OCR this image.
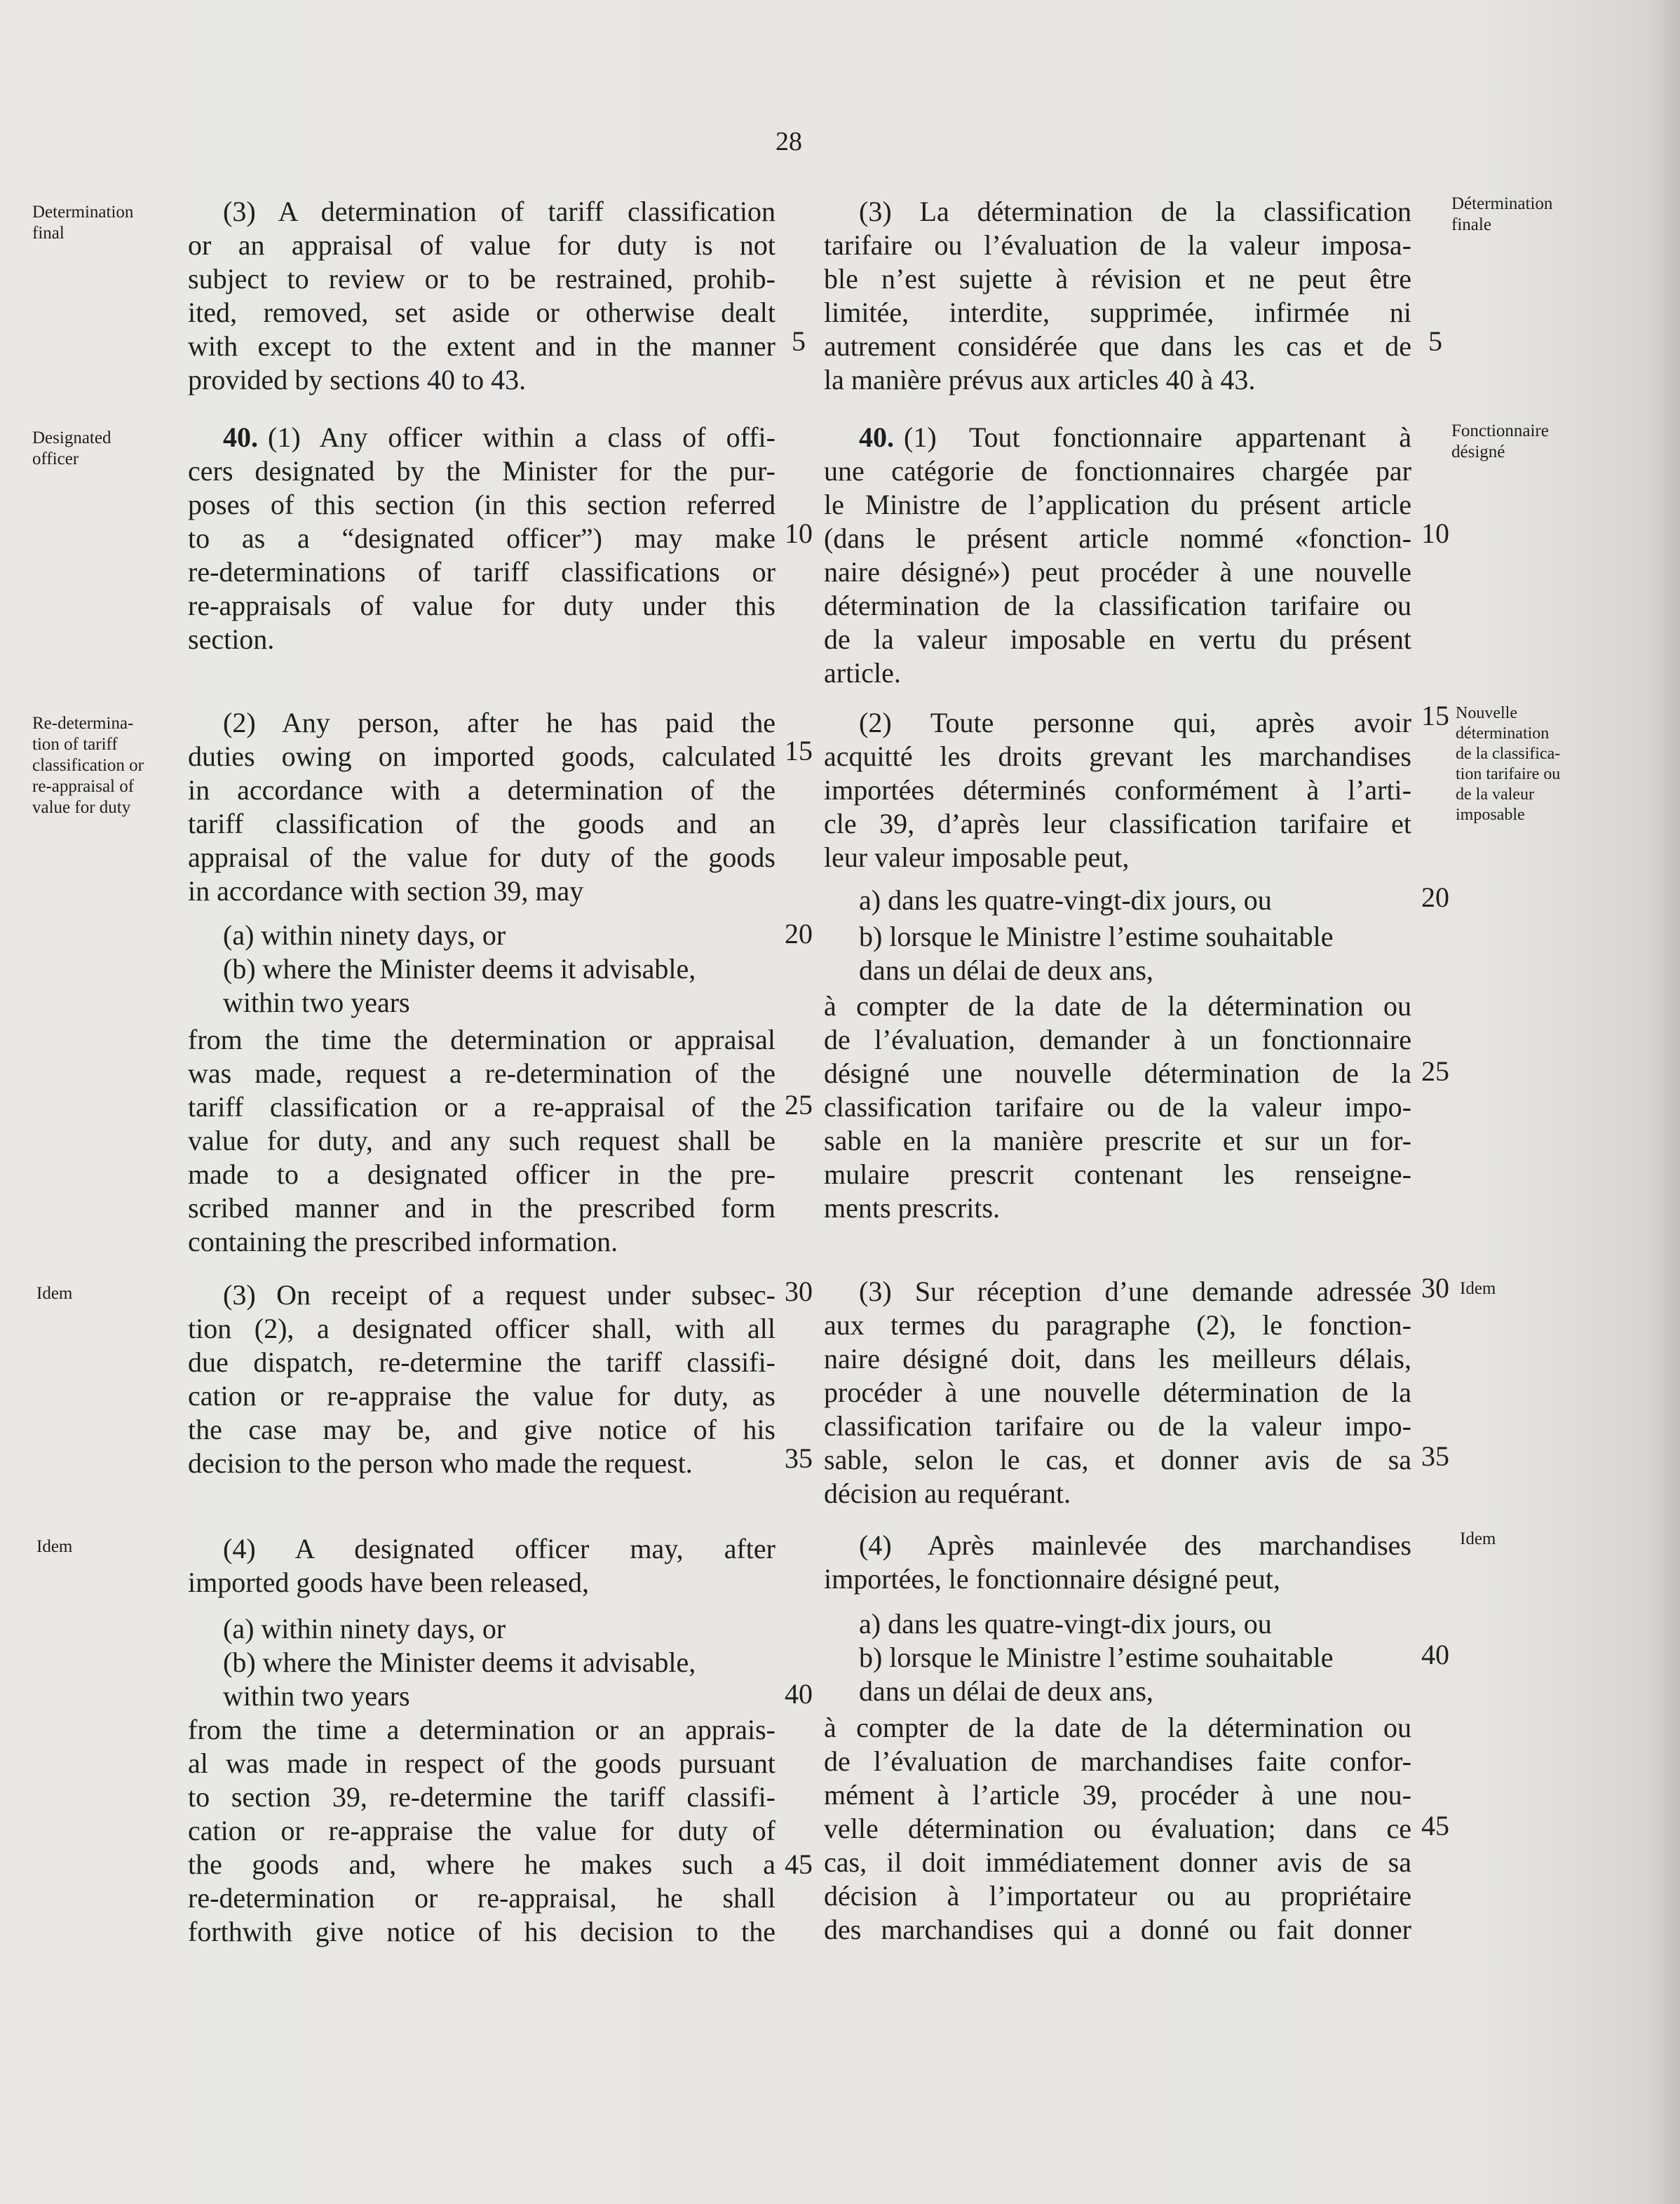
28
Determination
final
Designated
officer
Re-determina-
tion of tariff
classification or
re-appraisal of
value for duty
Idem
Idem
Détermination
finale
Fonctionnaire
désigné
Nouvelle
détermination
de la classifica-
tion tarifaire ou
de la valeur
imposable
Idem
Idem
(3) A determination of tariff classification
or an appraisal of value for duty is not
subject to review or to be restrained, prohib-
ited, removed, set aside or otherwise dealt
with except to the extent and in the manner
provided by sections 40 to 43.
40. (1) Any officer within a class of offi-
cers designated by the Minister for the pur-
poses of this section (in this section referred
to as a “designated officer”) may make
re-determinations of tariff classifications or
re-appraisals of value for duty under this
section.
(2) Any person, after he has paid the
duties owing on imported goods, calculated
in accordance with a determination of the
tariff classification of the goods and an
appraisal of the value for duty of the goods
in accordance with section 39, may
(a) within ninety days, or
(b) where the Minister deems it advisable,
within two years
from the time the determination or appraisal
was made, request a re-determination of the
tariff classification or a re-appraisal of the
value for duty, and any such request shall be
made to a designated officer in the pre-
scribed manner and in the prescribed form
containing the prescribed information.
(3) On receipt of a request under subsec-
tion (2), a designated officer shall, with all
due dispatch, re-determine the tariff classifi-
cation or re-appraise the value for duty, as
the case may be, and give notice of his
decision to the person who made the request.
(4) A designated officer may, after
imported goods have been released,
(a) within ninety days, or
(b) where the Minister deems it advisable,
within two years
from the time a determination or an apprais-
al was made in respect of the goods pursuant
to section 39, re-determine the tariff classifi-
cation or re-appraise the value for duty of
the goods and, where he makes such a
re-determination or re-appraisal, he shall
forthwith give notice of his decision to the
5
10
15
20
25
30
35
40
45
(3) La détermination de la classification
tarifaire ou l’évaluation de la valeur imposa-
ble n’est sujette à révision et ne peut être
limitée, interdite, supprimée, infirmée ni
autrement considérée que dans les cas et de
la manière prévus aux articles 40 à 43.
40. (1) Tout fonctionnaire appartenant à
une catégorie de fonctionnaires chargée par
le Ministre de l’application du présent article
(dans le présent article nommé «fonction-
naire désigné») peut procéder à une nouvelle
détermination de la classification tarifaire ou
de la valeur imposable en vertu du présent
article.
(2) Toute personne qui, après avoir
acquitté les droits grevant les marchandises
importées déterminés conformément à l’arti-
cle 39, d’après leur classification tarifaire et
leur valeur imposable peut,
a) dans les quatre-vingt-dix jours, ou
b) lorsque le Ministre l’estime souhaitable
dans un délai de deux ans,
à compter de la date de la détermination ou
de l’évaluation, demander à un fonctionnaire
désigné une nouvelle détermination de la
classification tarifaire ou de la valeur impo-
sable en la manière prescrite et sur un for-
mulaire prescrit contenant les renseigne-
ments prescrits.
(3) Sur réception d’une demande adressée
aux termes du paragraphe (2), le fonction-
naire désigné doit, dans les meilleurs délais,
procéder à une nouvelle détermination de la
classification tarifaire ou de la valeur impo-
sable, selon le cas, et donner avis de sa
décision au requérant.
(4) Après mainlevée des marchandises
importées, le fonctionnaire désigné peut,
a) dans les quatre-vingt-dix jours, ou
b) lorsque le Ministre l’estime souhaitable
dans un délai de deux ans,
à compter de la date de la détermination ou
de l’évaluation de marchandises faite confor-
mément à l’article 39, procéder à une nou-
velle détermination ou évaluation; dans ce
cas, il doit immédiatement donner avis de sa
décision à l’importateur ou au propriétaire
des marchandises qui a donné ou fait donner
5
10
15
20
25
30
35
40
45
